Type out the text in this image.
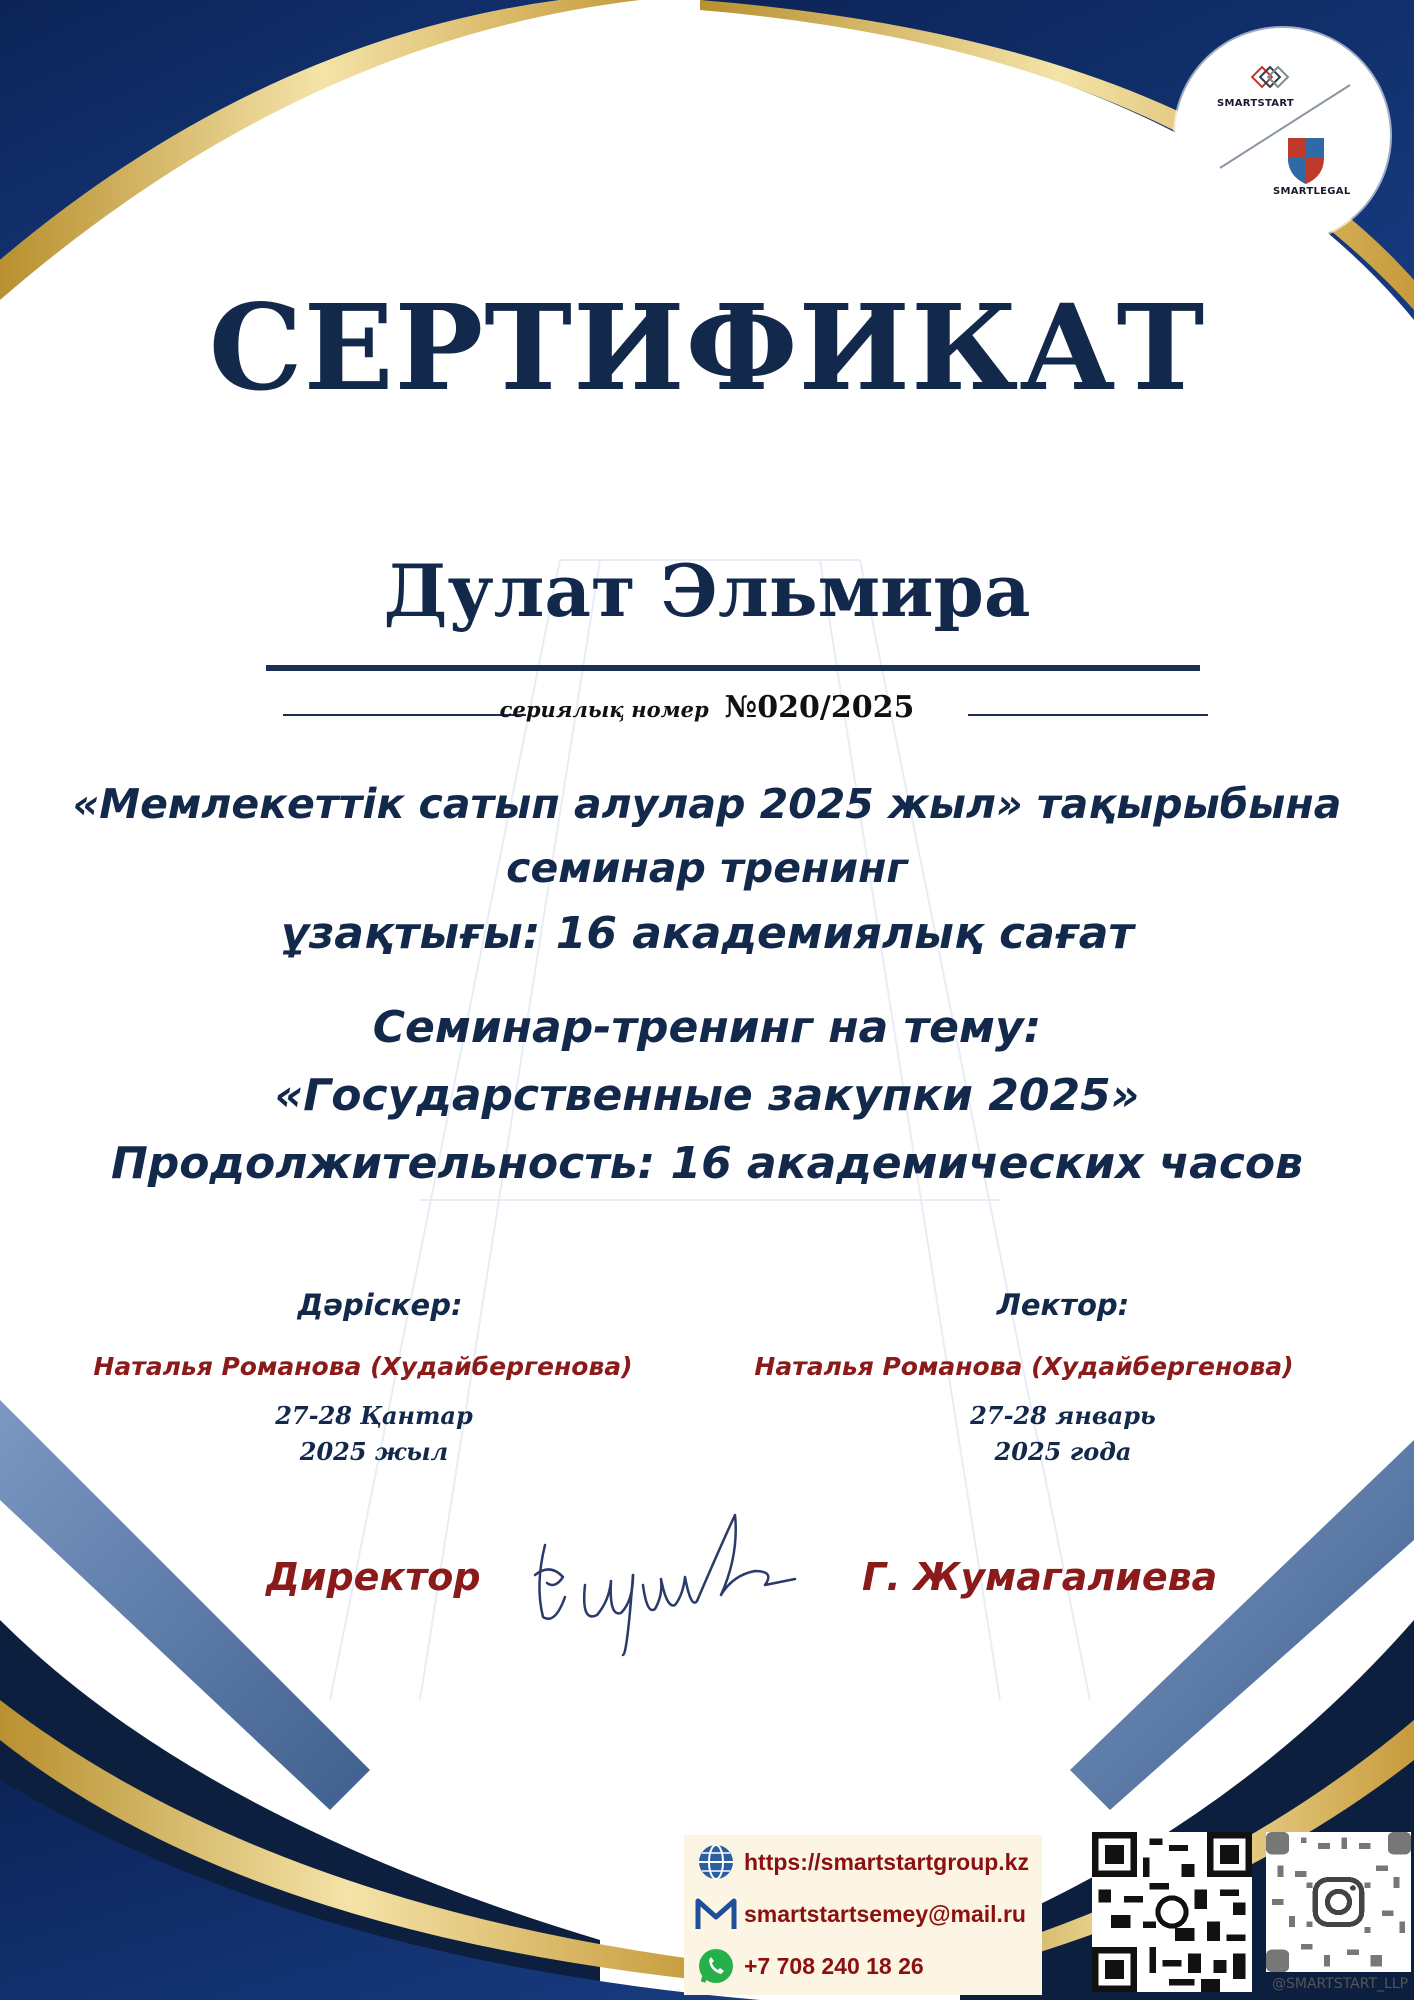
SMARTSTART
SMARTLEGAL
СЕРТИФИКАТ
Дулат Эльмира
сериялық номер №020/2025
«Мемлекеттік сатып алулар 2025 жыл» тақырыбына
семинар тренинг
ұзақтығы: 16 академиялық сағат
Семинар-тренинг на тему:
«Государственные закупки 2025»
Продолжительность: 16 академических часов
Дәріскер:
Наталья Романова (Худайбергенова)
27-28 Қантар
2025 жыл
Лектор:
Наталья Романова (Худайбергенова)
27-28 январь
2025 года
Директор	Г. Жумагалиева
https://smartstartgroup.kz
smartstartsemey@mail.ru
+7 708 240 18 26
@SMARTSTART_LLP
